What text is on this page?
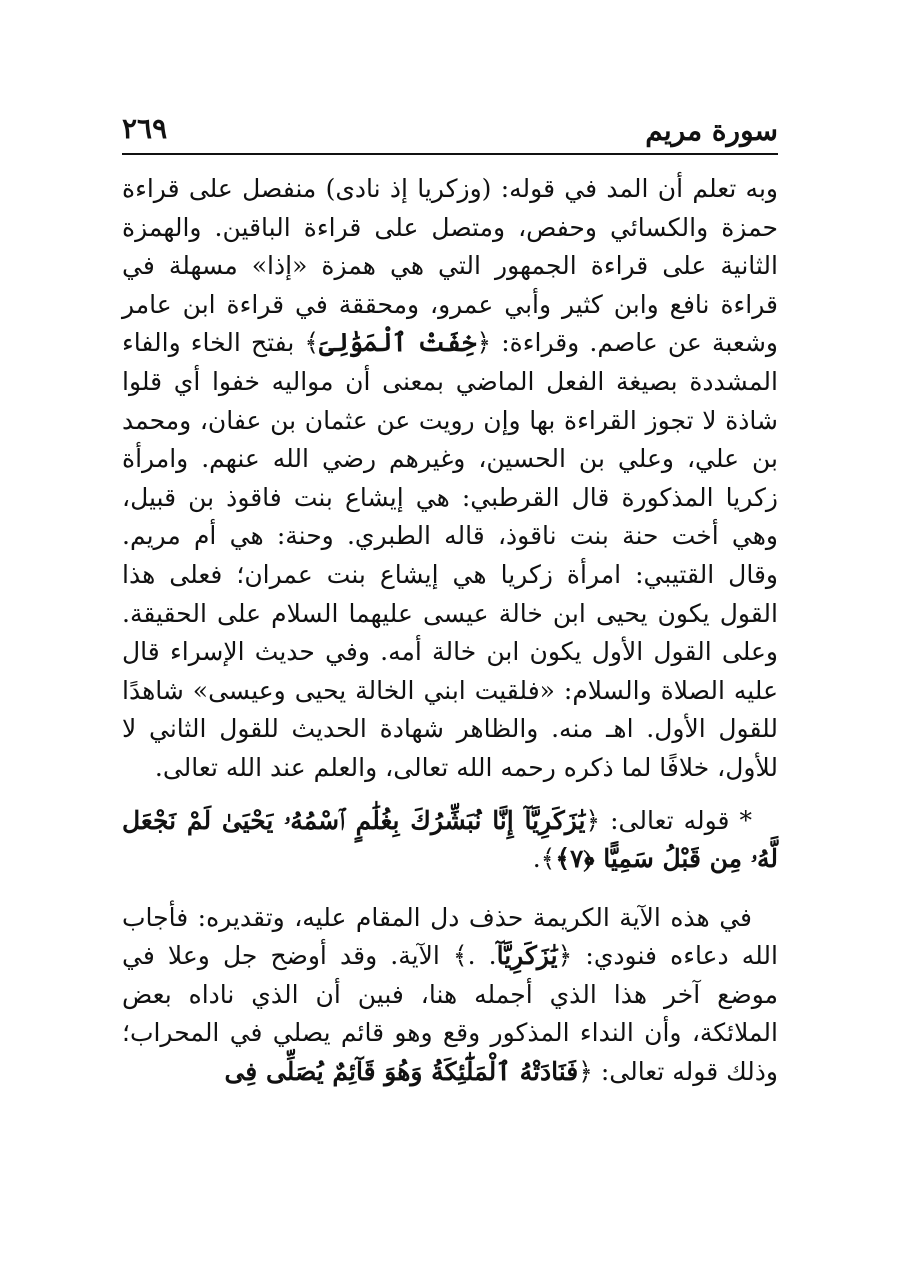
سورة مريم
٢٦٩

وبه تعلم أن المد في قوله: (وزكريا إذ نادى) منفصل على قراءة حمزة والكسائي وحفص، ومتصل على قراءة الباقين. والهمزة الثانية على قراءة الجمهور التي هي همزة «إذا» مسهلة في قراءة نافع وابن كثير وأبي عمرو، ومحققة في قراءة ابن عامر وشعبة عن عاصم. وقراءة: ﴿خِفَتْ ٱلْمَوَٰلِىَ﴾ بفتح الخاء والفاء المشددة بصيغة الفعل الماضي بمعنى أن مواليه خفوا أي قلوا شاذة لا تجوز القراءة بها وإن رويت عن عثمان بن عفان، ومحمد بن علي، وعلي بن الحسين، وغيرهم رضي الله عنهم. وامرأة زكريا المذكورة قال القرطبي: هي إيشاع بنت فاقوذ بن قبيل، وهي أخت حنة بنت ناقوذ، قاله الطبري. وحنة: هي أم مريم. وقال القتيبي: امرأة زكريا هي إيشاع بنت عمران؛ فعلى هذا القول يكون يحيى ابن خالة عيسى عليهما السلام على الحقيقة. وعلى القول الأول يكون ابن خالة أمه. وفي حديث الإسراء قال عليه الصلاة والسلام: «فلقيت ابني الخالة يحيى وعيسى» شاهدًا للقول الأول. اهـ منه. والظاهر شهادة الحديث للقول الثاني لا للأول، خلافًا لما ذكره رحمه الله تعالى، والعلم عند الله تعالى.

* قوله تعالى: ﴿يَٰزَكَرِيَّآ إِنَّا نُبَشِّرُكَ بِغُلَٰمٍ ٱسْمُهُۥ يَحْيَىٰ لَمْ نَجْعَل لَّهُۥ مِن قَبْلُ سَمِيًّا ﴿٧﴾﴾.

في هذه الآية الكريمة حذف دل المقام عليه، وتقديره: فأجاب الله دعاءه فنودي: ﴿يَٰزَكَرِيَّآ. .﴾ الآية. وقد أوضح جل وعلا في موضع آخر هذا الذي أجمله هنا، فبين أن الذي ناداه بعض الملائكة، وأن النداء المذكور وقع وهو قائم يصلي في المحراب؛ وذلك قوله تعالى: ﴿فَنَادَتْهُ ٱلْمَلَٰٓئِكَةُ وَهُوَ قَآئِمٌ يُصَلِّى فِى
